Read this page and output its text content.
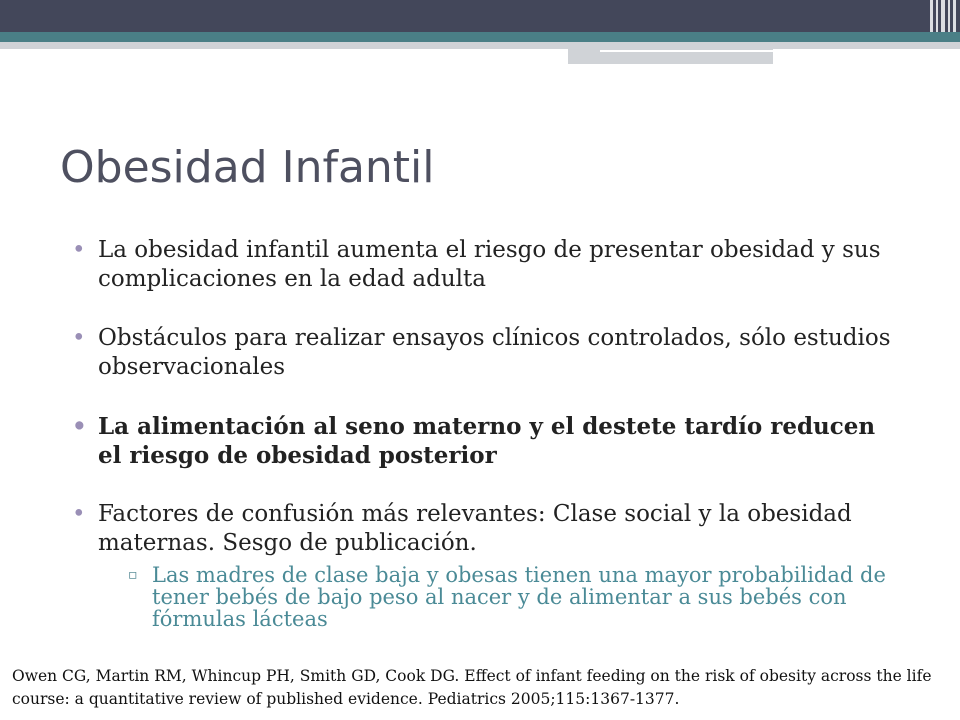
Obesidad Infantil
• La obesidad infantil aumenta el riesgo de presentar obesidad y sus complicaciones en la edad adulta
• Obstáculos para realizar ensayos clínicos controlados, sólo estudios observacionales
• La alimentación al seno materno y el destete tardío reducen el riesgo de obesidad posterior
• Factores de confusión más relevantes: Clase social y la obesidad maternas. Sesgo de publicación.
▫ Las madres de clase baja y obesas tienen una mayor probabilidad de tener bebés de bajo peso al nacer y de alimentar a sus bebés con fórmulas lácteas

Owen CG, Martin RM, Whincup PH, Smith GD, Cook DG. Effect of infant feeding on the risk of obesity across the life course: a quantitative review of published evidence. Pediatrics 2005;115:1367-1377.
